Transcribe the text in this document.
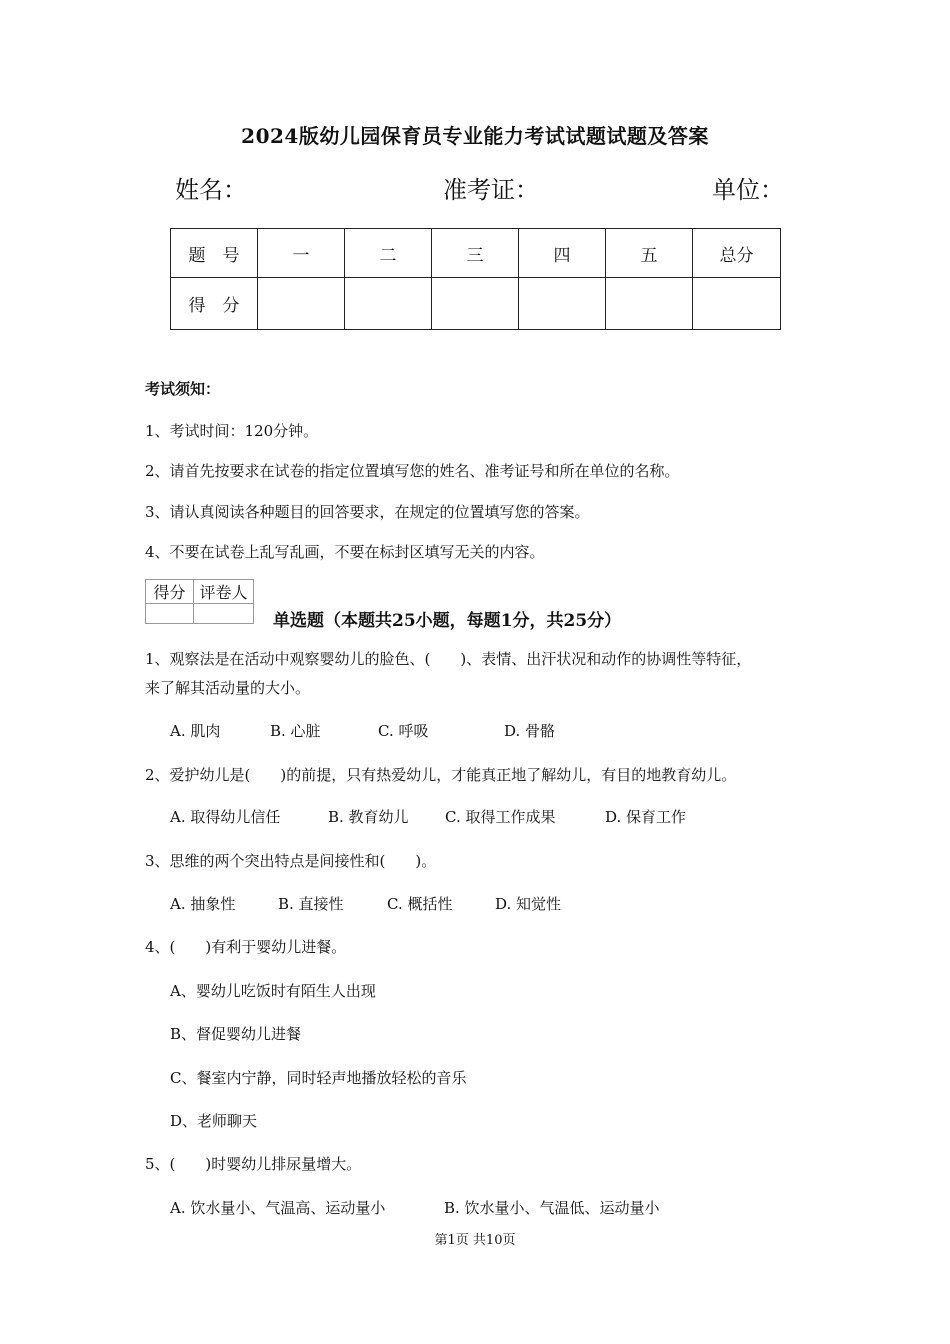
2024版幼儿园保育员专业能力考试试题试题及答案
姓名：	准考证：	单位：
题　号	一	二	三	四	五	总分
得　分						
考试须知：
1、考试时间：120分钟。
2、请首先按要求在试卷的指定位置填写您的姓名、准考证号和所在单位的名称。
3、请认真阅读各种题目的回答要求，在规定的位置填写您的答案。
4、不要在试卷上乱写乱画，不要在标封区填写无关的内容。
得分	评卷人

单选题（本题共25小题，每题1分，共25分）
1、观察法是在活动中观察婴幼儿的脸色、(　　)、表情、出汗状况和动作的协调性等特征，
来了解其活动量的大小。
A. 肌肉	B. 心脏	C. 呼吸	D. 骨骼
2、爱护幼儿是(　　)的前提，只有热爱幼儿，才能真正地了解幼儿，有目的地教育幼儿。
A. 取得幼儿信任	B. 教育幼儿 C. 取得工作成果	D. 保育工作
3、思维的两个突出特点是间接性和(　　)。
A. 抽象性	B. 直接性	C. 概括性	D. 知觉性
4、(　　)有利于婴幼儿进餐。
A、婴幼儿吃饭时有陌生人出现
B、督促婴幼儿进餐
C、餐室内宁静，同时轻声地播放轻松的音乐
D、老师聊天
5、(　　)时婴幼儿排尿量增大。
A. 饮水量小、气温高、运动量小	B. 饮水量小、气温低、运动量小
第1页 共10页
